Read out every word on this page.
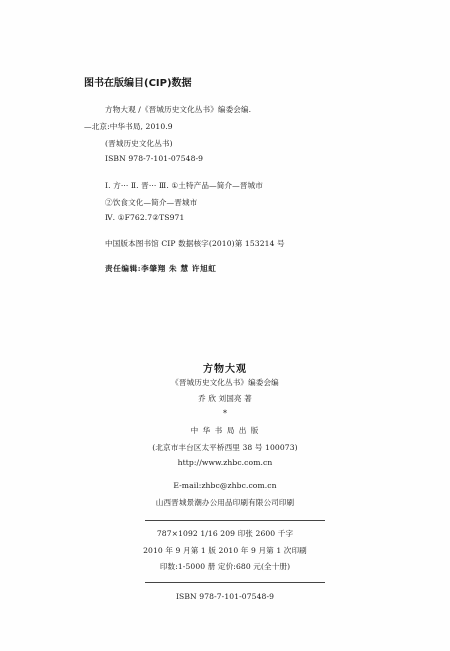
图书在版编目(CIP)数据
方物大观 /《晋城历史文化丛书》编委会编.
—北京:中华书局, 2010.9
(晋城历史文化丛书)
ISBN 978-7-101-07548-9
Ⅰ. 方··· Ⅱ. 晋··· Ⅲ. ①土特产品—简介—晋城市
②饮食文化—简介—晋城市
Ⅳ. ①F762.7②TS971
中国版本图书馆 CIP 数据核字(2010)第 153214 号
责任编辑:李肇翔 朱 慧 许旭虹
方物大观
《晋城历史文化丛书》编委会编
乔 欣 刘国亮 著
*
中 华 书 局 出 版
(北京市丰台区太平桥西里 38 号 100073)
http://www.zhbc.com.cn
E-mail:zhbc@zhbc.com.cn
山西晋城景潮办公用品印刷有限公司印刷
787×1092 1/16 209 印张 2600 千字
2010 年 9 月第 1 版 2010 年 9 月第 1 次印刷
印数:1-5000 册 定价:680 元(全十册)
ISBN 978-7-101-07548-9
